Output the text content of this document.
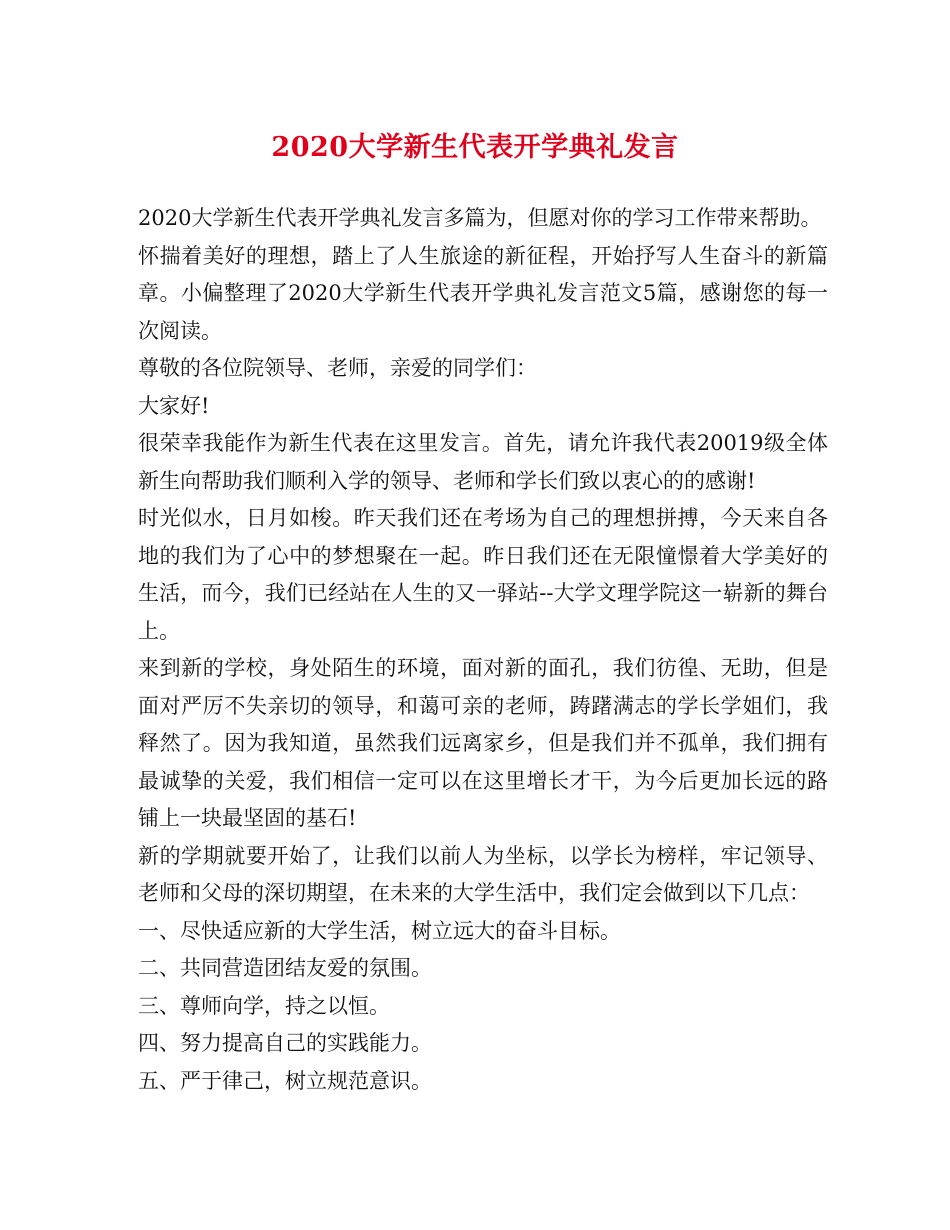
2020大学新生代表开学典礼发言

2020大学新生代表开学典礼发言多篇为，但愿对你的学习工作带来帮助。

怀揣着美好的理想，踏上了人生旅途的新征程，开始抒写人生奋斗的新篇章。小偏整理了2020大学新生代表开学典礼发言范文5篇，感谢您的每一次阅读。

尊敬的各位院领导、老师，亲爱的同学们：

大家好!

很荣幸我能作为新生代表在这里发言。首先，请允许我代表20019级全体新生向帮助我们顺利入学的领导、老师和学长们致以衷心的的感谢!

时光似水，日月如梭。昨天我们还在考场为自己的理想拼搏，今天来自各地的我们为了心中的梦想聚在一起。昨日我们还在无限憧憬着大学美好的生活，而今，我们已经站在人生的又一驿站--大学文理学院这一崭新的舞台上。

来到新的学校，身处陌生的环境，面对新的面孔，我们彷徨、无助，但是面对严厉不失亲切的领导，和蔼可亲的老师，踌躇满志的学长学姐们，我释然了。因为我知道，虽然我们远离家乡，但是我们并不孤单，我们拥有最诚挚的关爱，我们相信一定可以在这里增长才干，为今后更加长远的路铺上一块最坚固的基石!

新的学期就要开始了，让我们以前人为坐标，以学长为榜样，牢记领导、老师和父母的深切期望，在未来的大学生活中，我们定会做到以下几点：

一、尽快适应新的大学生活，树立远大的奋斗目标。

二、共同营造团结友爱的氛围。

三、尊师向学，持之以恒。

四、努力提高自己的实践能力。

五、严于律己，树立规范意识。
